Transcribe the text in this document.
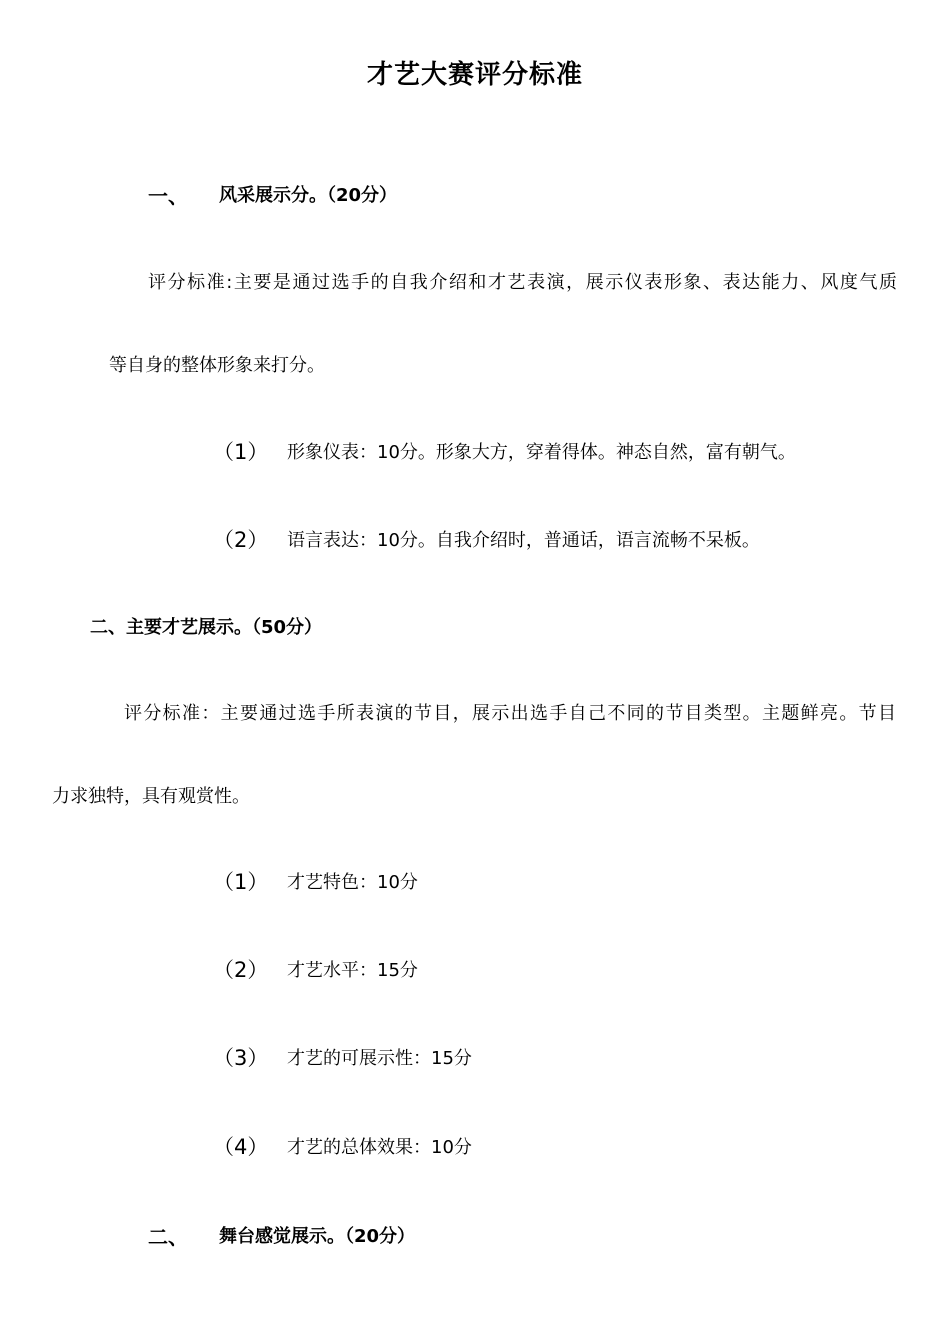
才艺大赛评分标准
一、 风采展示分。（20分）
评分标准:主要是通过选手的自我介绍和才艺表演，展示仪表形象、表达能力、风度气质
等自身的整体形象来打分。
（1） 形象仪表：10分。形象大方，穿着得体。神态自然，富有朝气。
（2） 语言表达：10分。自我介绍时，普通话，语言流畅不呆板。
二、主要才艺展示。（50分）
评分标准：主要通过选手所表演的节目，展示出选手自己不同的节目类型。主题鲜亮。节目
力求独特，具有观赏性。
（1） 才艺特色：10分
（2） 才艺水平：15分
（3） 才艺的可展示性：15分
（4） 才艺的总体效果：10分
二、 舞台感觉展示。（20分）
